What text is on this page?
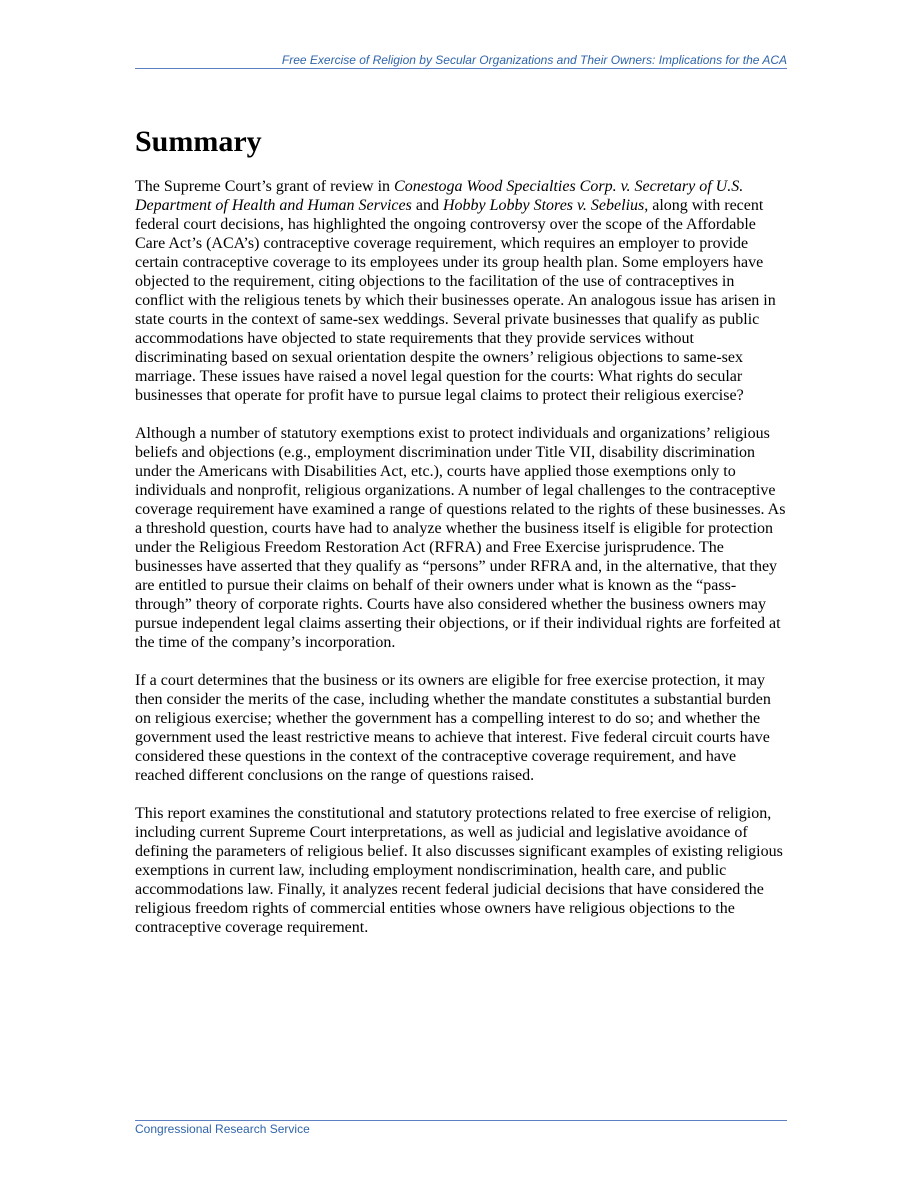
Free Exercise of Religion by Secular Organizations and Their Owners: Implications for the ACA
Summary

The Supreme Court’s grant of review in Conestoga Wood Specialties Corp. v. Secretary of U.S. Department of Health and Human Services and Hobby Lobby Stores v. Sebelius, along with recent federal court decisions, has highlighted the ongoing controversy over the scope of the Affordable Care Act’s (ACA’s) contraceptive coverage requirement, which requires an employer to provide certain contraceptive coverage to its employees under its group health plan. Some employers have objected to the requirement, citing objections to the facilitation of the use of contraceptives in conflict with the religious tenets by which their businesses operate. An analogous issue has arisen in state courts in the context of same-sex weddings. Several private businesses that qualify as public accommodations have objected to state requirements that they provide services without discriminating based on sexual orientation despite the owners’ religious objections to same-sex marriage. These issues have raised a novel legal question for the courts: What rights do secular businesses that operate for profit have to pursue legal claims to protect their religious exercise?

Although a number of statutory exemptions exist to protect individuals and organizations’ religious beliefs and objections (e.g., employment discrimination under Title VII, disability discrimination under the Americans with Disabilities Act, etc.), courts have applied those exemptions only to individuals and nonprofit, religious organizations. A number of legal challenges to the contraceptive coverage requirement have examined a range of questions related to the rights of these businesses. As a threshold question, courts have had to analyze whether the business itself is eligible for protection under the Religious Freedom Restoration Act (RFRA) and Free Exercise jurisprudence. The businesses have asserted that they qualify as “persons” under RFRA and, in the alternative, that they are entitled to pursue their claims on behalf of their owners under what is known as the “pass-through” theory of corporate rights. Courts have also considered whether the business owners may pursue independent legal claims asserting their objections, or if their individual rights are forfeited at the time of the company’s incorporation.

If a court determines that the business or its owners are eligible for free exercise protection, it may then consider the merits of the case, including whether the mandate constitutes a substantial burden on religious exercise; whether the government has a compelling interest to do so; and whether the government used the least restrictive means to achieve that interest. Five federal circuit courts have considered these questions in the context of the contraceptive coverage requirement, and have reached different conclusions on the range of questions raised.

This report examines the constitutional and statutory protections related to free exercise of religion, including current Supreme Court interpretations, as well as judicial and legislative avoidance of defining the parameters of religious belief. It also discusses significant examples of existing religious exemptions in current law, including employment nondiscrimination, health care, and public accommodations law. Finally, it analyzes recent federal judicial decisions that have considered the religious freedom rights of commercial entities whose owners have religious objections to the contraceptive coverage requirement.

Congressional Research Service
